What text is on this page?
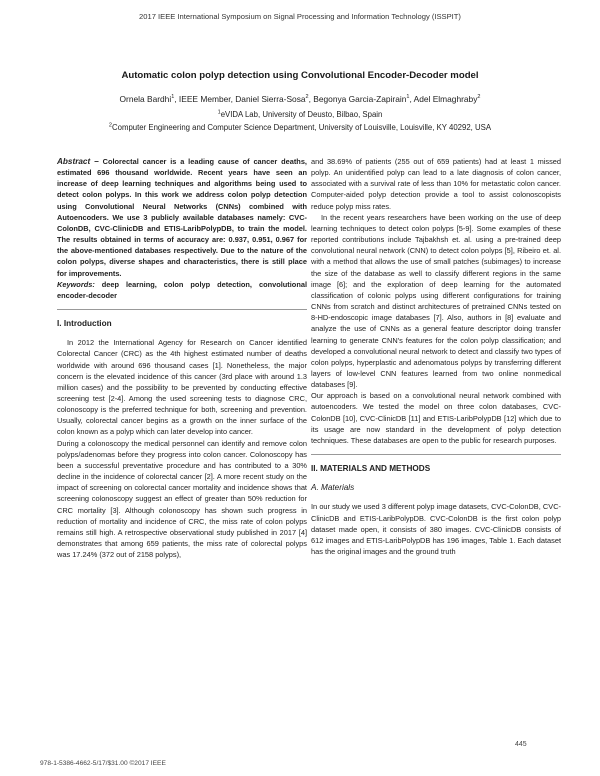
2017 IEEE International Symposium on Signal Processing and Information Technology (ISSPIT)
Automatic colon polyp detection using Convolutional Encoder-Decoder model
Ornela Bardhi$^1$, IEEE Member, Daniel Sierra-Sosa$^2$, Begonya Garcia-Zapirain$^1$, Adel Elmaghraby$^2$
$^1$eVIDA Lab, University of Deusto, Bilbao, Spain
$^2$Computer Engineering and Computer Science Department, University of Louisville, Louisville, KY 40292, USA

Abstract – Colorectal cancer is a leading cause of cancer deaths, estimated 696 thousand worldwide. Recent years have seen an increase of deep learning techniques and algorithms being used to detect colon polyps. In this work we address colon polyp detection using Convolutional Neural Networks (CNNs) combined with Autoencoders. We use 3 publicly available databases namely: CVC-ColonDB, CVC-ClinicDB and ETIS-LaribPolypDB, to train the model. The results obtained in terms of accuracy are: 0.937, 0.951, 0.967 for the above-mentioned databases respectively. Due to the nature of the colon polyps, diverse shapes and characteristics, there is still place for improvements.

Keywords: deep learning, colon polyp detection, convolutional encoder-decoder

I. Introduction

In 2012 the International Agency for Research on Cancer identified Colorectal Cancer (CRC) as the 4th highest estimated number of deaths worldwide with around 696 thousand cases [1]. Nonetheless, the major concern is the elevated incidence of this cancer (3rd place with around 1.3 million cases) and the possibility to be prevented by conducting effective screening test [2-4]. Among the used screening tests to diagnose CRC, colonoscopy is the preferred technique for both, screening and prevention. Usually, colorectal cancer begins as a growth on the inner surface of the colon known as a polyp which can later develop into cancer.

During a colonoscopy the medical personnel can identify and remove colon polyps/adenomas before they progress into colon cancer. Colonoscopy has been a successful preventative procedure and has contributed to a 30% decline in the incidence of colorectal cancer [2]. A more recent study on the impact of screening on colorectal cancer mortality and incidence shows that screening colonoscopy suggest an effect of greater than 50% reduction for CRC mortality [3]. Although colonoscopy has shown such progress in reduction of mortality and incidence of CRC, the miss rate of colon polyps remains still high. A retrospective observational study published in 2017 [4] demonstrates that among 659 patients, the miss rate of colorectal polyps was 17.24% (372 out of 2158 polyps),

and 38.69% of patients (255 out of 659 patients) had at least 1 missed polyp. An unidentified polyp can lead to a late diagnosis of colon cancer, associated with a survival rate of less than 10% for metastatic colon cancer. Computer-aided polyp detection provide a tool to assist colonoscopists reduce polyp miss rates.

In the recent years researchers have been working on the use of deep learning techniques to detect colon polyps [5-9]. Some examples of these reported contributions include Tajbakhsh et. al. using a pre-trained deep convolutional neural network (CNN) to detect colon polyps [5], Ribeiro et. al. with a method that allows the use of small patches (subimages) to increase the size of the database as well to classify different regions in the same image [6]; and the exploration of deep learning for the automated classification of colonic polyps using different configurations for training CNNs from scratch and distinct architectures of pretrained CNNs tested on 8-HD-endoscopic image databases [7]. Also, authors in [8] evaluate and analyze the use of CNNs as a general feature descriptor doing transfer learning to generate CNN's features for the colon polyp classification; and developed a convolutional neural network to detect and classify two types of colon polyps, hyperplastic and adenomatous polyps by transferring different layers of low-level CNN features learned from two online nonmedical databases [9].

Our approach is based on a convolutional neural network combined with autoencoders. We tested the model on three colon databases, CVC-ColonDB [10], CVC-ClinicDB [11] and ETIS-LaribPolypDB [12] which due to its usage are now standard in the development of polyp detection techniques. These databases are open to the public for research purposes.

II. MATERIALS AND METHODS
A. Materials

In our study we used 3 different polyp image datasets, CVC-ColonDB, CVC-ClinicDB and ETIS-LaribPolypDB. CVC-ColonDB is the first colon polyp dataset made open, it consists of 380 images. CVC-ClinicDB consists of 612 images and ETIS-LaribPolypDB has 196 images, Table 1. Each dataset has the original images and the ground truth

445
978-1-5386-4662-5/17/$31.00 ©2017 IEEE
